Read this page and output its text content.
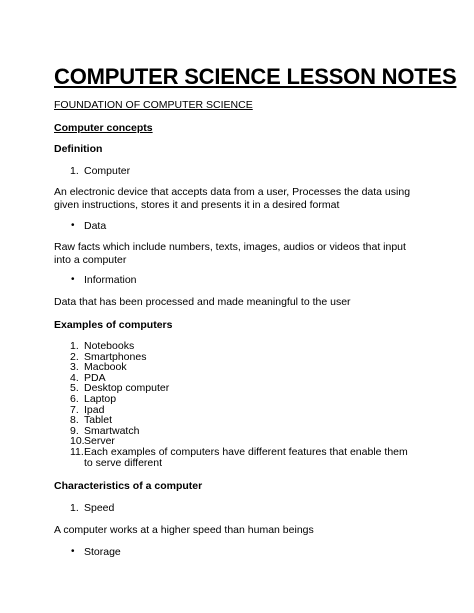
COMPUTER SCIENCE LESSON NOTES
FOUNDATION OF COMPUTER SCIENCE
Computer concepts
Definition
1. Computer

An electronic device that accepts data from a user, Processes the data using given instructions, stores it and presents it in a desired format

• Data

Raw facts which include numbers, texts, images, audios or videos that input into a computer

• Information

Data that has been processed and made meaningful to the user

Examples of computers
1. Notebooks
2. Smartphones
3. Macbook
4. PDA
5. Desktop computer
6. Laptop
7. Ipad
8. Tablet
9. Smartwatch
10. Server
11. Each examples of computers have different features that enable them to serve different
Characteristics of a computer
1. Speed

A computer works at a higher speed than human beings

• Storage
